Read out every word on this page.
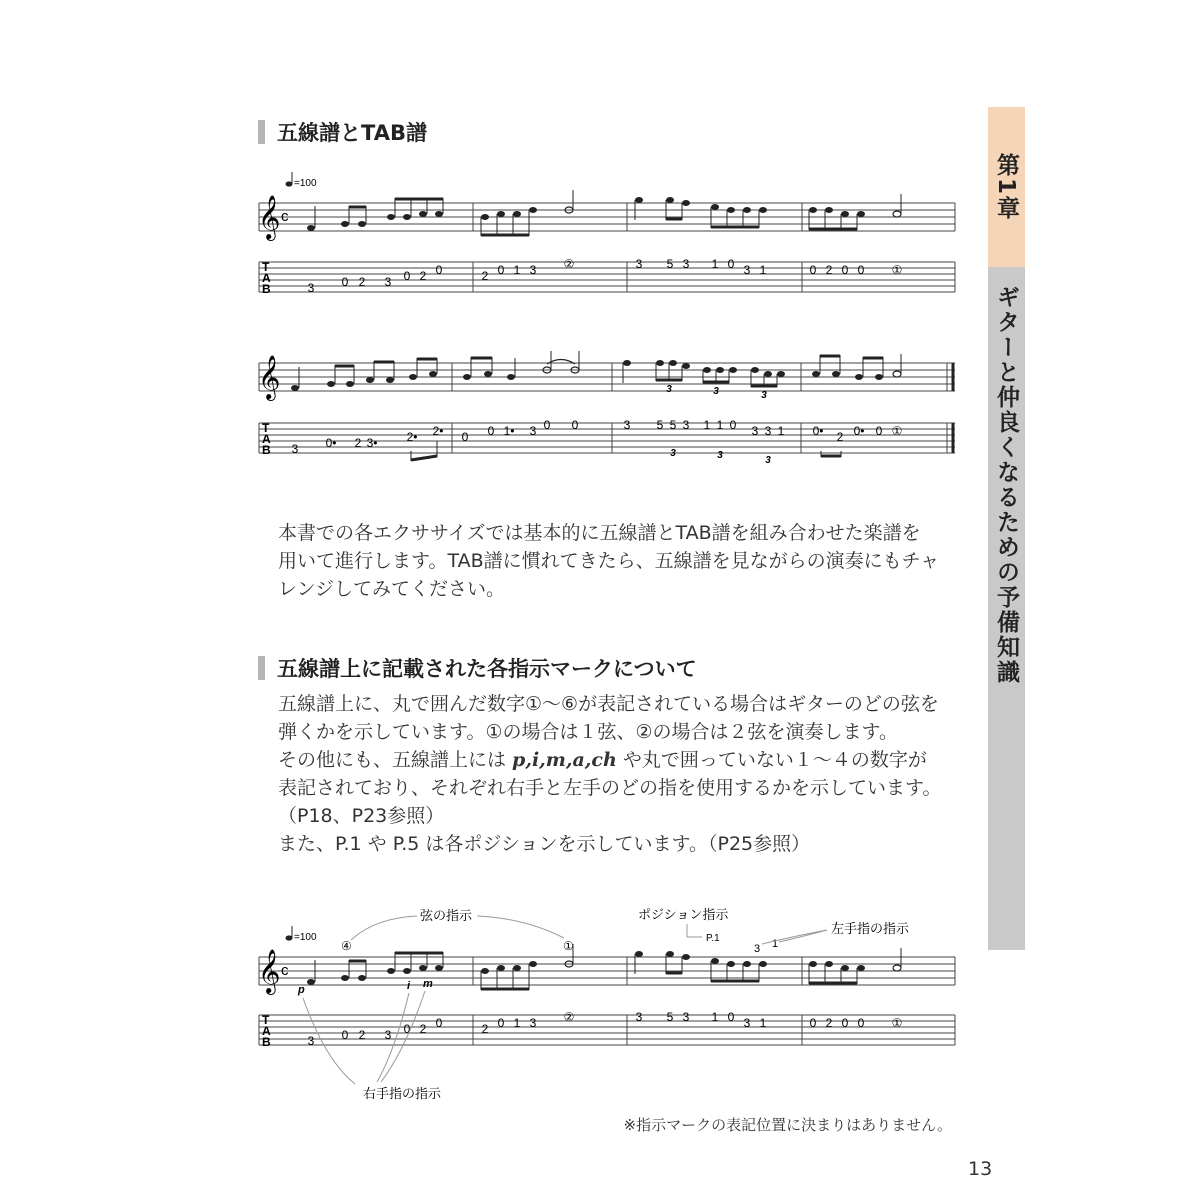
五線譜とTAB譜
𝄞 c
=100
T
A
B	3 0 2 3 0 2 0	2 0 1 3 ②	3 5 3 1 0 3 1	0 2 0 0 ①
𝄞
T
A
B
3	3	3
3 0• 2 3• 2• 2•	0
0	1• 3 0 0	3 5 5 3 1 1 0 3 3 1 0• 2 0• 0 ①
3	3	3

本書での各エクササイズでは基本的に五線譜とTAB譜を組み合わせた楽譜を

用いて進行します。TAB譜に慣れてきたら、五線譜を見ながらの演奏にもチャ

レンジしてみてください。

五線譜上に記載された各指示マークについて

五線譜上に、丸で囲んだ数字①〜⑥が表記されている場合はギターのどの弦を

弾くかを示しています。①の場合は１弦、②の場合は２弦を演奏します。

その他にも、五線譜上には p,i,m,a,ch や丸で囲っていない１〜４の数字が

表記されており、それぞれ右手と左手のどの指を使用するかを示しています。

（P18、P23参照）

また、P.1 や P.5 は各ポジションを示しています。（P25参照）

𝄞 c
=100
T
A
B	3 0 2 3 0 2 0	2 0 1 3 ②	3 5 3 1 0 3 1	0 2 0 0 ①
弦の指示
④	①
ポジション指示
P.1
左手指の指示
3 1
p	i m
右手指の指示
第1章
ギターと仲良くなるための予備知識
※指示マークの表記位置に決まりはありません。
13
